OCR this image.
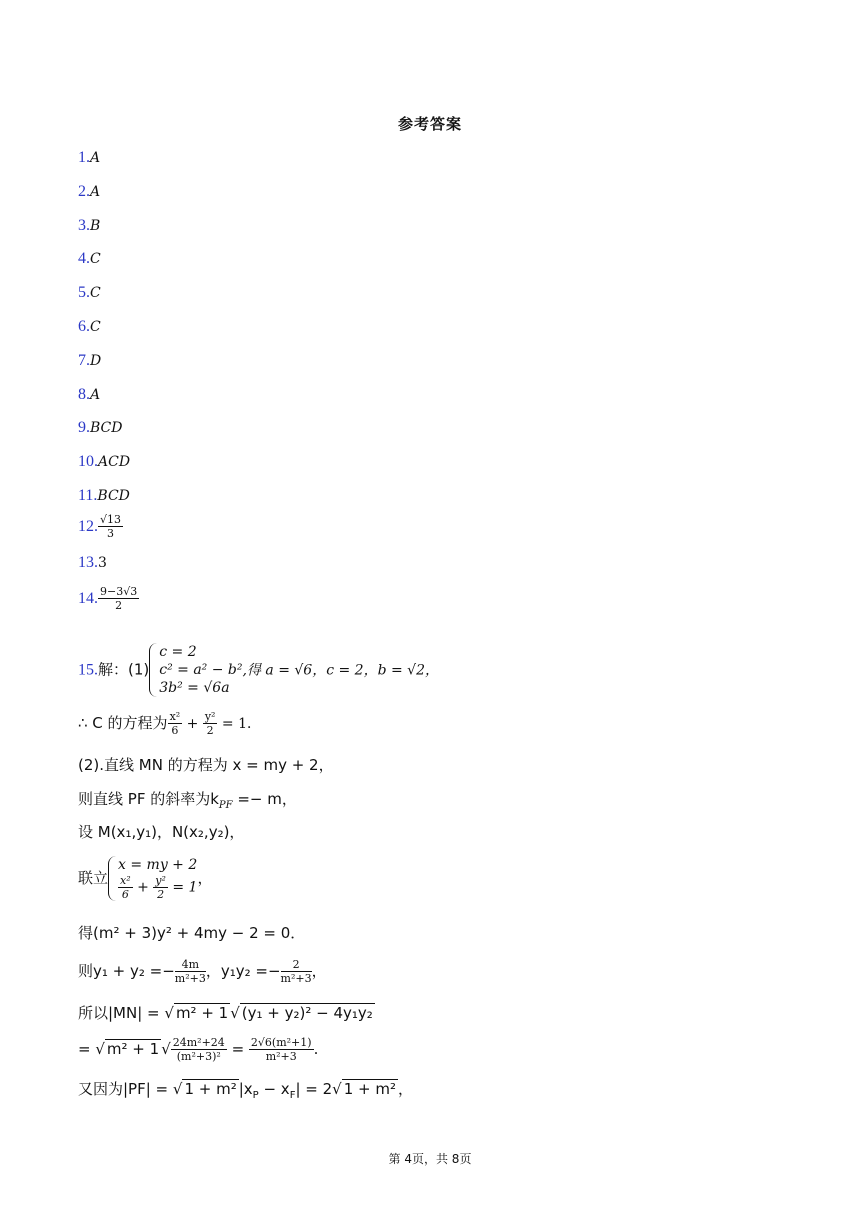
参考答案
1.A
2.A
3.B
4.C
5.C
6.C
7.D
8.A
9.BCD
10.ACD
11.BCD
12. $\frac{√13}{3}$
13.3
14. $\frac{9-3√3}{2}$
15.解：(1)
c = 2
c² = a² − b²
3b² = √6a
,得 a = √6，c = 2，b = √2，
∴ C 的方程为 $\frac{\text{x²}}{6} + \frac{\text{y²}}{2} = 1$．
(2).直线 MN 的方程为 x = my + 2，
则直线 PF 的斜率为$k_{PF} =- m$，
设 M(x₁,y₁)，N(x₂,y₂)，
联立
x = my + 2
$\frac{\text{x²}}{6} + \frac{\text{y²}}{2} = 1$
，
得(m² + 3)y² + 4my − 2 = 0．
则$y_1 + y_2 =- \frac{4m}{\text{m²+3}}$ ，$y_1y_2 =- \frac{2}{\text{m²+3}}$ ，
所以|MN| = √ m² + 1 √ (y₁ + y₂)² − 4y₁y₂
= √ m² + 1 √ $\frac{\text{24m²+24}}{\text{(m²+3)²}} = \frac{\text{2√6(m²+1)}}{\text{m²+3}}$ .
又因为|PF| = √ 1 + m² $|x_P - x_F| = 2√$ 1 + m² ，
第 4页，共 8页
